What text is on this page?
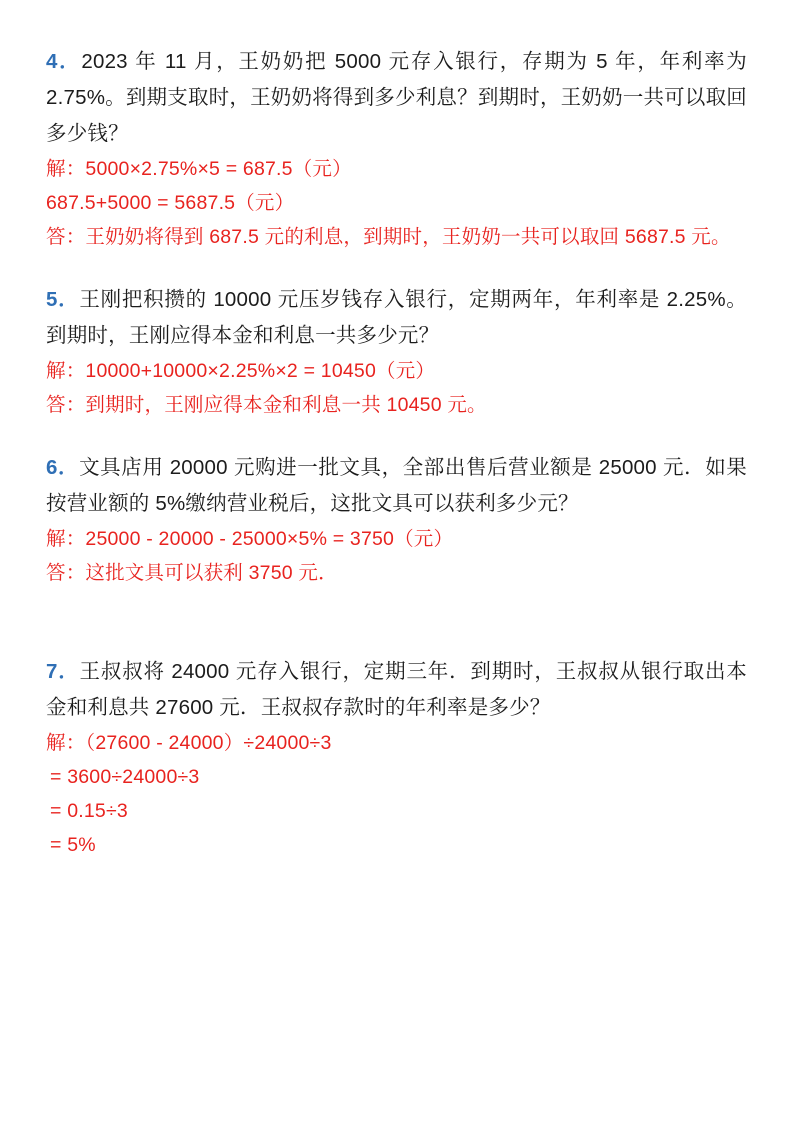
4．2023 年 11 月，王奶奶把 5000 元存入银行，存期为 5 年，年利率为 2.75%。到期支取时，王奶奶将得到多少利息？到期时，王奶奶一共可以取回多少钱？
解：5000×2.75%×5 = 687.5（元）
687.5+5000 = 5687.5（元）
答：王奶奶将得到 687.5 元的利息，到期时，王奶奶一共可以取回 5687.5 元。
5．王刚把积攒的 10000 元压岁钱存入银行，定期两年，年利率是 2.25%。到期时，王刚应得本金和利息一共多少元？
解：10000+10000×2.25%×2 = 10450（元）
答：到期时，王刚应得本金和利息一共 10450 元。
6．文具店用 20000 元购进一批文具，全部出售后营业额是 25000 元．如果按营业额的 5%缴纳营业税后，这批文具可以获利多少元？
解：25000 - 20000 - 25000×5% = 3750（元）
答：这批文具可以获利 3750 元．
7．王叔叔将 24000 元存入银行，定期三年．到期时，王叔叔从银行取出本金和利息共 27600 元．王叔叔存款时的年利率是多少？
解：（27600 - 24000）÷24000÷3
= 3600÷24000÷3
= 0.15÷3
= 5%
